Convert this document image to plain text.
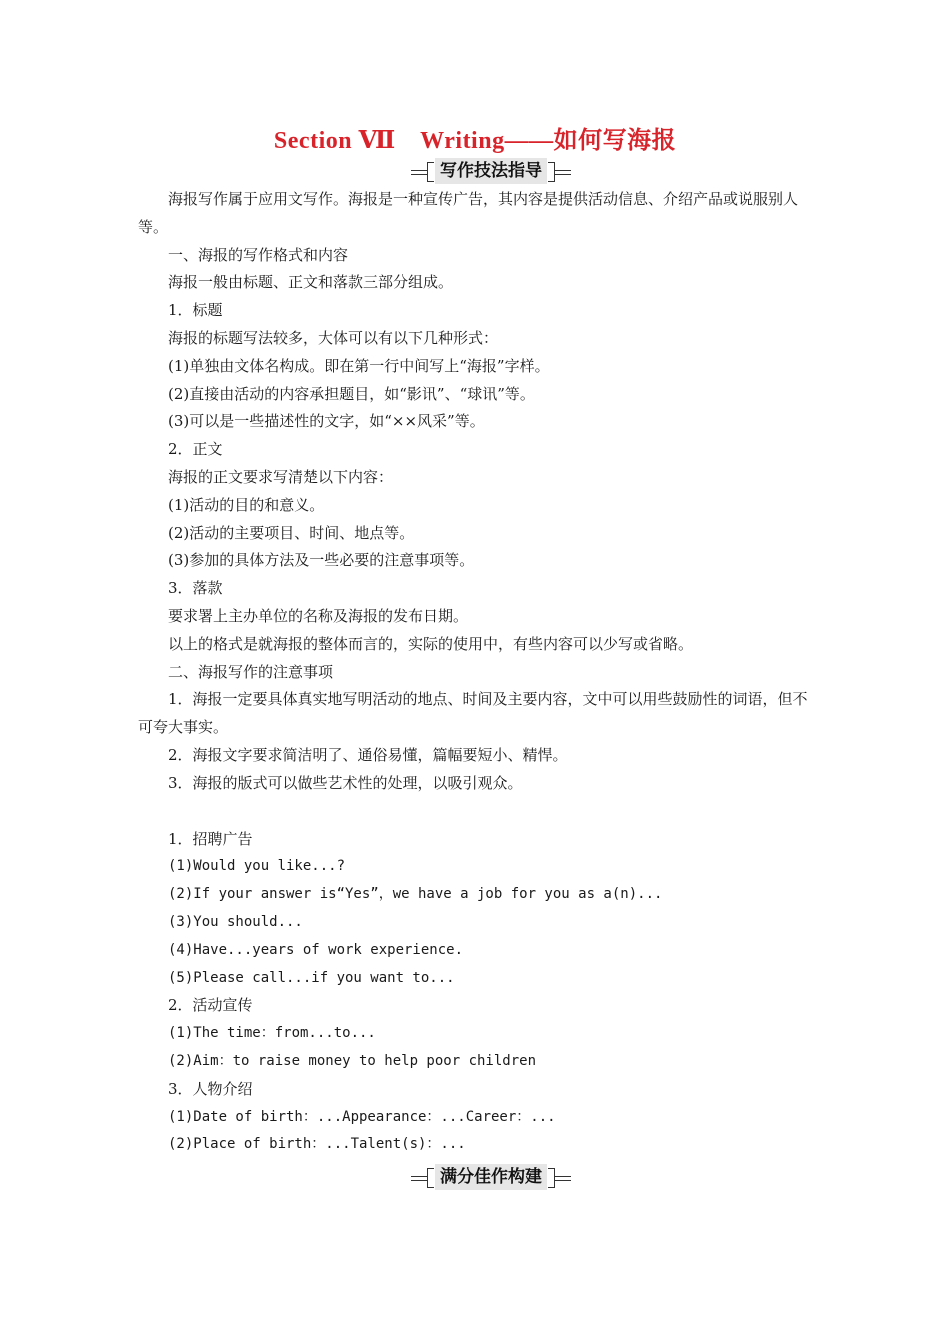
Section Ⅶ　Writing——如何写海报
写作技法指导

海报写作属于应用文写作。海报是一种宣传广告，其内容是提供活动信息、介绍产品或说服别人等。

一、海报的写作格式和内容

海报一般由标题、正文和落款三部分组成。

1．标题

海报的标题写法较多，大体可以有以下几种形式：

(1)单独由文体名构成。即在第一行中间写上“海报”字样。

(2)直接由活动的内容承担题目，如“影讯”、“球讯”等。

(3)可以是一些描述性的文字，如“××风采”等。

2．正文

海报的正文要求写清楚以下内容：

(1)活动的目的和意义。

(2)活动的主要项目、时间、地点等。

(3)参加的具体方法及一些必要的注意事项等。

3．落款

要求署上主办单位的名称及海报的发布日期。

以上的格式是就海报的整体而言的，实际的使用中，有些内容可以少写或省略。

二、海报写作的注意事项

1．海报一定要具体真实地写明活动的地点、时间及主要内容，文中可以用些鼓励性的词语，但不可夸大事实。

2．海报文字要求简洁明了、通俗易懂，篇幅要短小、精悍。

3．海报的版式可以做些艺术性的处理，以吸引观众。

1．招聘广告

(1)Would you like...?

(2)If your answer is“Yes”，we have a job for you as a(n)...

(3)You should...

(4)Have...years of work experience.

(5)Please call...if you want to...

2．活动宣传

(1)The time：from...to...

(2)Aim：to raise money to help poor children

3．人物介绍

(1)Date of birth：...Appearance：...Career：...

(2)Place of birth：...Talent(s)：...

满分佳作构建
